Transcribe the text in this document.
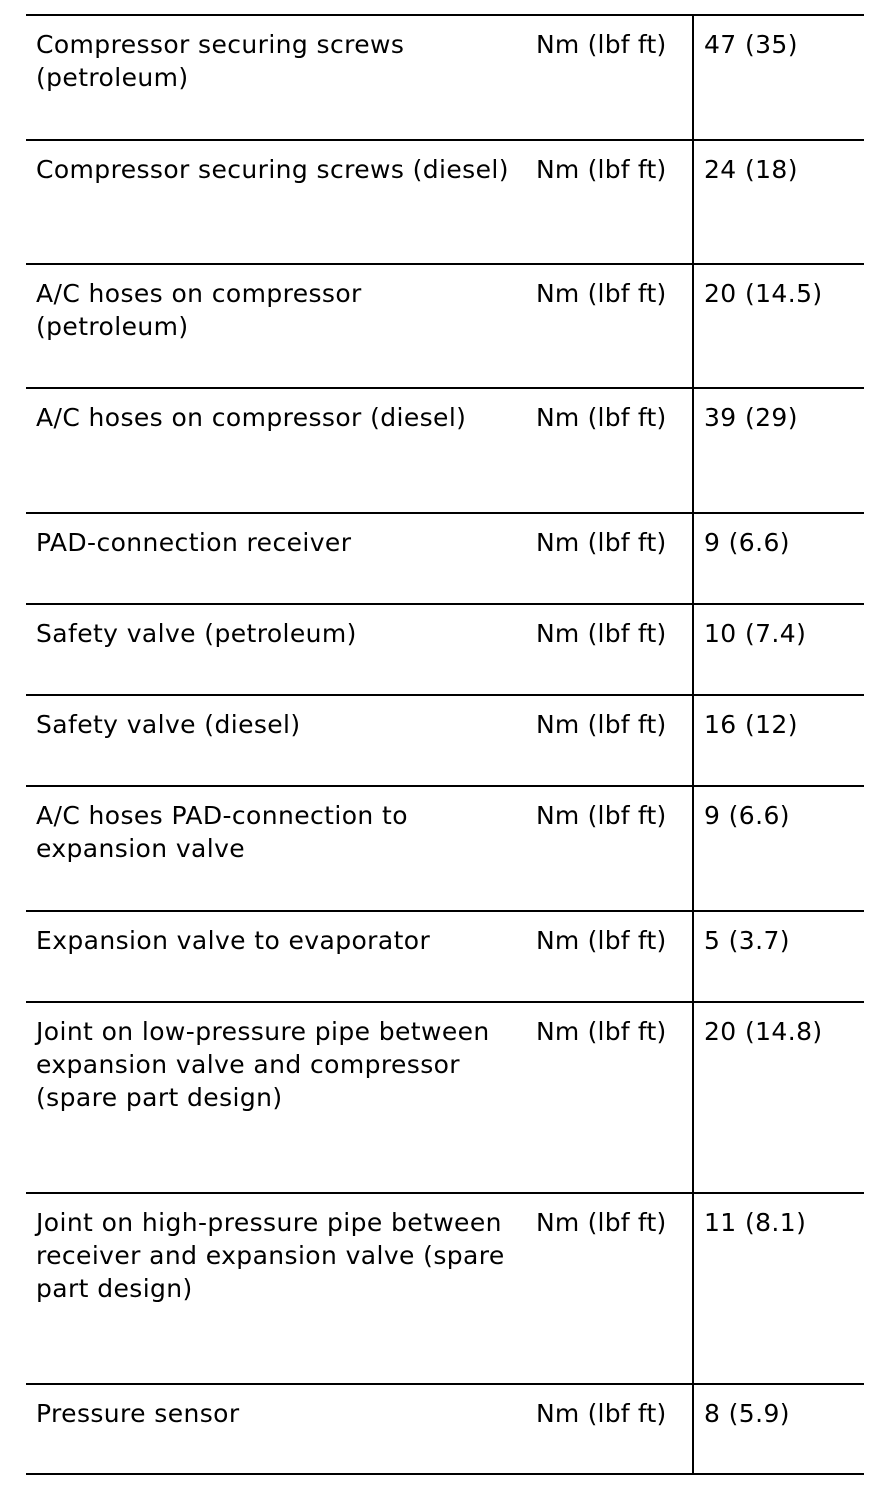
Compressor securing screws (petroleum)	Nm (lbf ft)	47 (35)
Compressor securing screws (diesel)	Nm (lbf ft)	24 (18)
A/C hoses on compressor (petroleum)	Nm (lbf ft)	20 (14.5)
A/C hoses on compressor (diesel)	Nm (lbf ft)	39 (29)
PAD-connection receiver	Nm (lbf ft)	9 (6.6)
Safety valve (petroleum)	Nm (lbf ft)	10 (7.4)
Safety valve (diesel)	Nm (lbf ft)	16 (12)
A/C hoses PAD-connection to expansion valve	Nm (lbf ft)	9 (6.6)
Expansion valve to evaporator	Nm (lbf ft)	5 (3.7)
Joint on low-pressure pipe between expansion valve and compressor (spare part design)	Nm (lbf ft)	20 (14.8)
Joint on high-pressure pipe between receiver and expansion valve (spare part design)	Nm (lbf ft)	11 (8.1)
Pressure sensor	Nm (lbf ft)	8 (5.9)
